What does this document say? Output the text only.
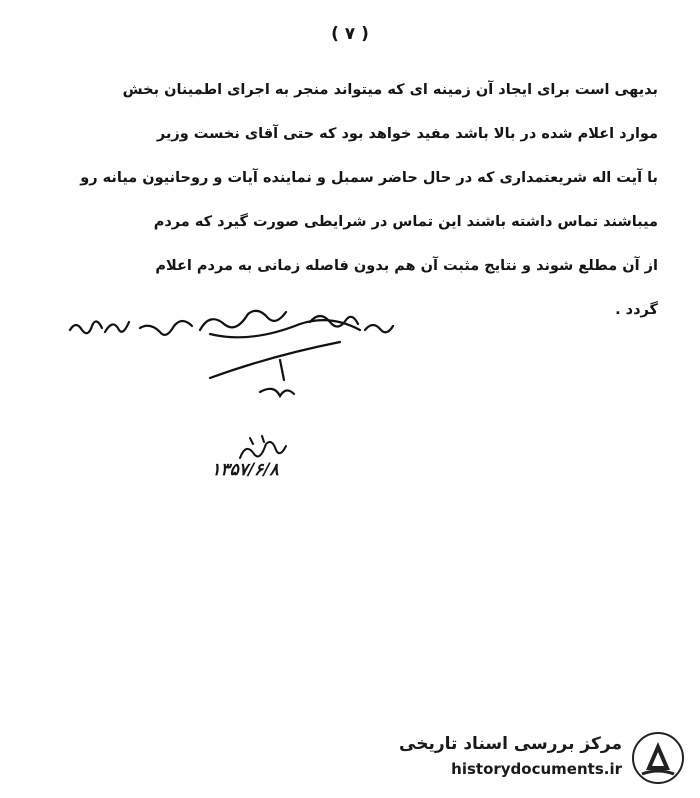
( ۷ )
بدیهی است برای ایجاد آن زمینه ای که میتواند منجر به اجرای اطمینان بخش
موارد اعلام شده در بالا باشد مفید خواهد بود که حتی آقای نخست وزیر
با آیت اله شریعتمداری که در حال حاضر سمبل و نماینده آیات و روحانیون میانه رو
میباشند تماس داشته باشند این تماس در شرایطی صورت گیرد که مردم
از آن مطلع شوند و نتایج مثبت آن هم بدون فاصله زمانی به مردم اعلام
گردد .
۱۳۵۷/۶/۸
مرکز بررسی اسناد تاریخی
historydocuments.ir
